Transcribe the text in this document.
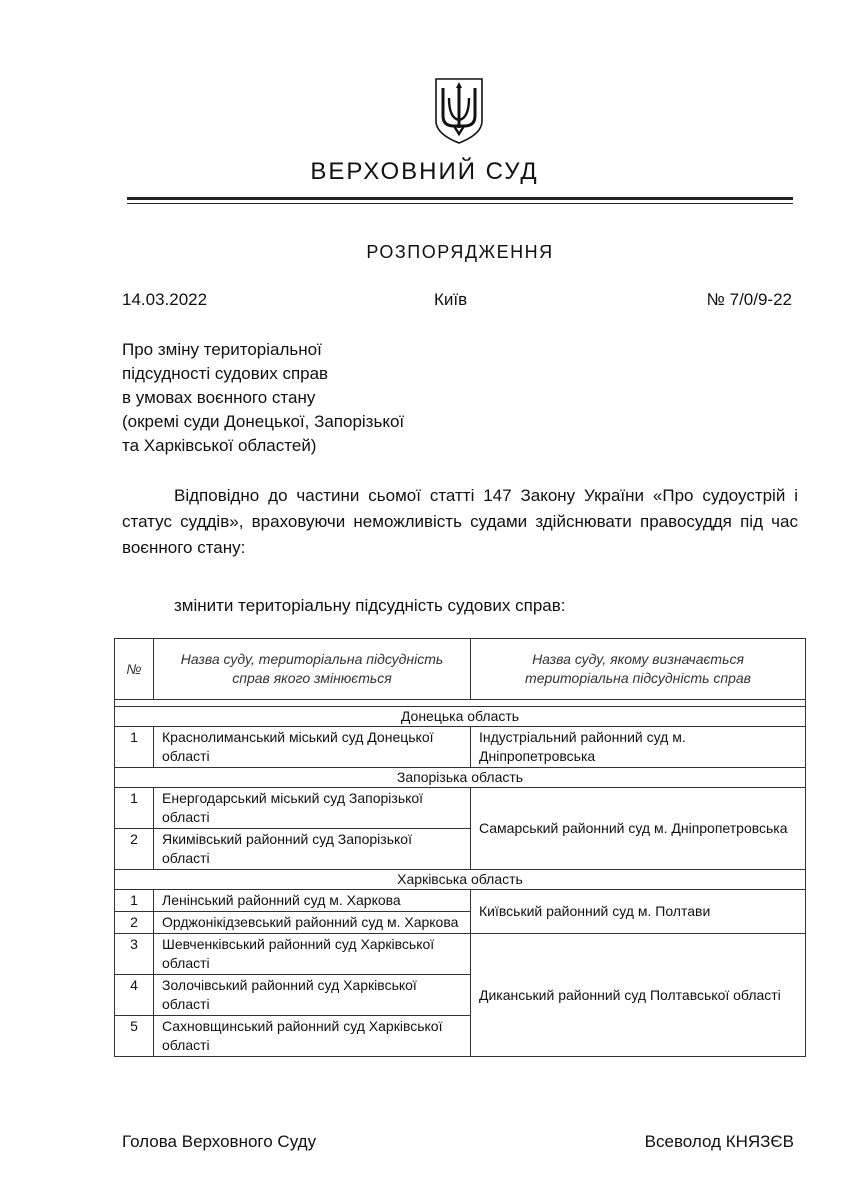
ВЕРХОВНИЙ СУД
РОЗПОРЯДЖЕННЯ
14.03.2022	Київ	№ 7/0/9-22
Про зміну територіальної
підсудності судових справ
в умовах воєнного стану
(окремі суди Донецької, Запорізької
та Харківської областей)
Відповідно до частини сьомої статті 147 Закону України «Про судоустрій і статус суддів», враховуючи неможливість судами здійснювати правосуддя під час воєнного стану:
змінити територіальну підсудність судових справ:
№	Назва суду, територіальна підсудність справ якого змінюється	Назва суду, якому визначається територіальна підсудність справ

Донецька область		
1	Краснолиманський міський суд Донецької області	Індустріальний районний суд м. Дніпропетровська
Запорізька область		
1	Енергодарський міський суд Запорізької області	Самарський районний суд м. Дніпропетровська
2	Якимівський районний суд Запорізької області	
Харківська область		
1	Ленінський районний суд м. Харкова	Київський районний суд м. Полтави
2	Орджонікідзевський районний суд м. Харкова	
3	Шевченківський районний суд Харківської області	Диканський районний суд Полтавської області
4	Золочівський районний суд Харківської області	
5	Сахновщинський районний суд Харківської області	
Голова Верховного Суду	Всеволод КНЯЗЄВ
